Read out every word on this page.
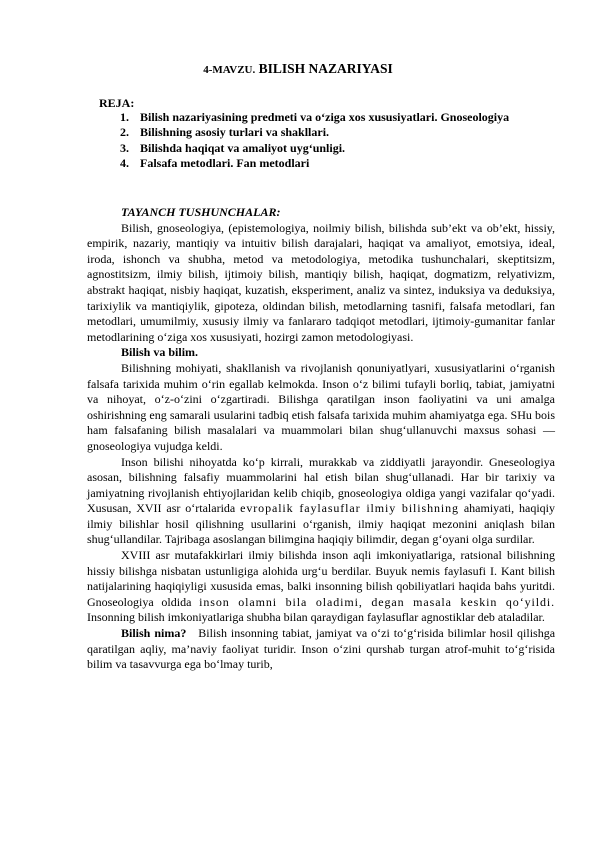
4-MAVZU. BILISH NAZARIYASI
REJA:
1. Bilish nazariyasining predmeti va o‘ziga xos xususiyatlari. Gnoseologiya
2. Bilishning asosiy turlari va shakllari.
3. Bilishda haqiqat va amaliyot uyg‘unligi.
4. Falsafa metodlari. Fan metodlari

TAYANCH TUSHUNCHALAR:

Bilish, gnoseologiya, (epistemologiya, noilmiy bilish, bilishda sub’ekt va ob’ekt, hissiy, empirik, nazariy, mantiqiy va intuitiv bilish darajalari, haqiqat va amaliyot, emotsiya, ideal, iroda, ishonch va shubha, metod va metodologiya, metodika tushunchalari, skeptitsizm, agnostitsizm, ilmiy bilish, ijtimoiy bilish, mantiqiy bilish, haqiqat, dogmatizm, relyativizm, abstrakt haqiqat, nisbiy haqiqat, kuzatish, eksperiment, analiz va sintez, induksiya va deduksiya, tarixiylik va mantiqiylik, gipoteza, oldindan bilish, metodlarning tasnifi, falsafa metodlari, fan metodlari, umumilmiy, xususiy ilmiy va fanlararo tadqiqot metodlari, ijtimoiy-gumanitar fanlar metodlarining o‘ziga xos xususiyati, hozirgi zamon metodologiyasi.

Bilish va bilim.

Bilishning mohiyati, shakllanish va rivojlanish qonuniyatlyari, xususiyatlarini o‘rganish falsafa tarixida muhim o‘rin egallab kelmokda. Inson o‘z bilimi tufayli borliq, tabiat, jamiyatni va nihoyat, o‘z-o‘zini o‘zgartiradi. Bilishga qaratilgan inson faoliyatini va uni amalga oshirishning eng samarali usularini tadbiq etish falsafa tarixida muhim ahamiyatga ega. SHu bois ham falsafaning bilish masalalari va muammolari bilan shug‘ullanuvchi maxsus sohasi — gnoseologiya vujudga keldi.

Inson bilishi nihoyatda ko‘p kirrali, murakkab va ziddiyatli jarayondir. Gneseologiya asosan, bilishning falsafiy muammolarini hal etish bilan shug‘ullanadi. Har bir tarixiy va jamiyatning rivojlanish ehtiyojlaridan kelib chiqib, gnoseologiya oldiga yangi vazifalar qo‘yadi. Xususan, XVII asr o‘rtalarida evropalik faylasuflar ilmiy bilishning ahamiyati, haqiqiy ilmiy bilishlar hosil qilishning usullarini o‘rganish, ilmiy haqiqat mezonini aniqlash bilan shug‘ullandilar. Tajribaga asoslangan bilimgina haqiqiy bilimdir, degan g‘oyani olga surdilar.

XVIII asr mutafakkirlari ilmiy bilishda inson aqli imkoniyatlariga, ratsional bilishning hissiy bilishga nisbatan ustunligiga alohida urg‘u berdilar. Buyuk nemis faylasufi I. Kant bilish natijalarining haqiqiyligi xususida emas, balki insonning bilish qobiliyatlari haqida bahs yuritdi. Gnoseologiya oldida inson olamni bila oladimi, degan masala keskin qo‘yildi. Insonning bilish imkoniyatlariga shubha bilan qaraydigan faylasuflar agnostiklar deb ataladilar.

Bilish nima? Bilish insonning tabiat, jamiyat va o‘zi to‘g‘risida bilimlar hosil qilishga qaratilgan aqliy, ma’naviy faoliyat turidir. Inson o‘zini qurshab turgan atrof-muhit to‘g‘risida bilim va tasavvurga ega bo‘lmay turib,
